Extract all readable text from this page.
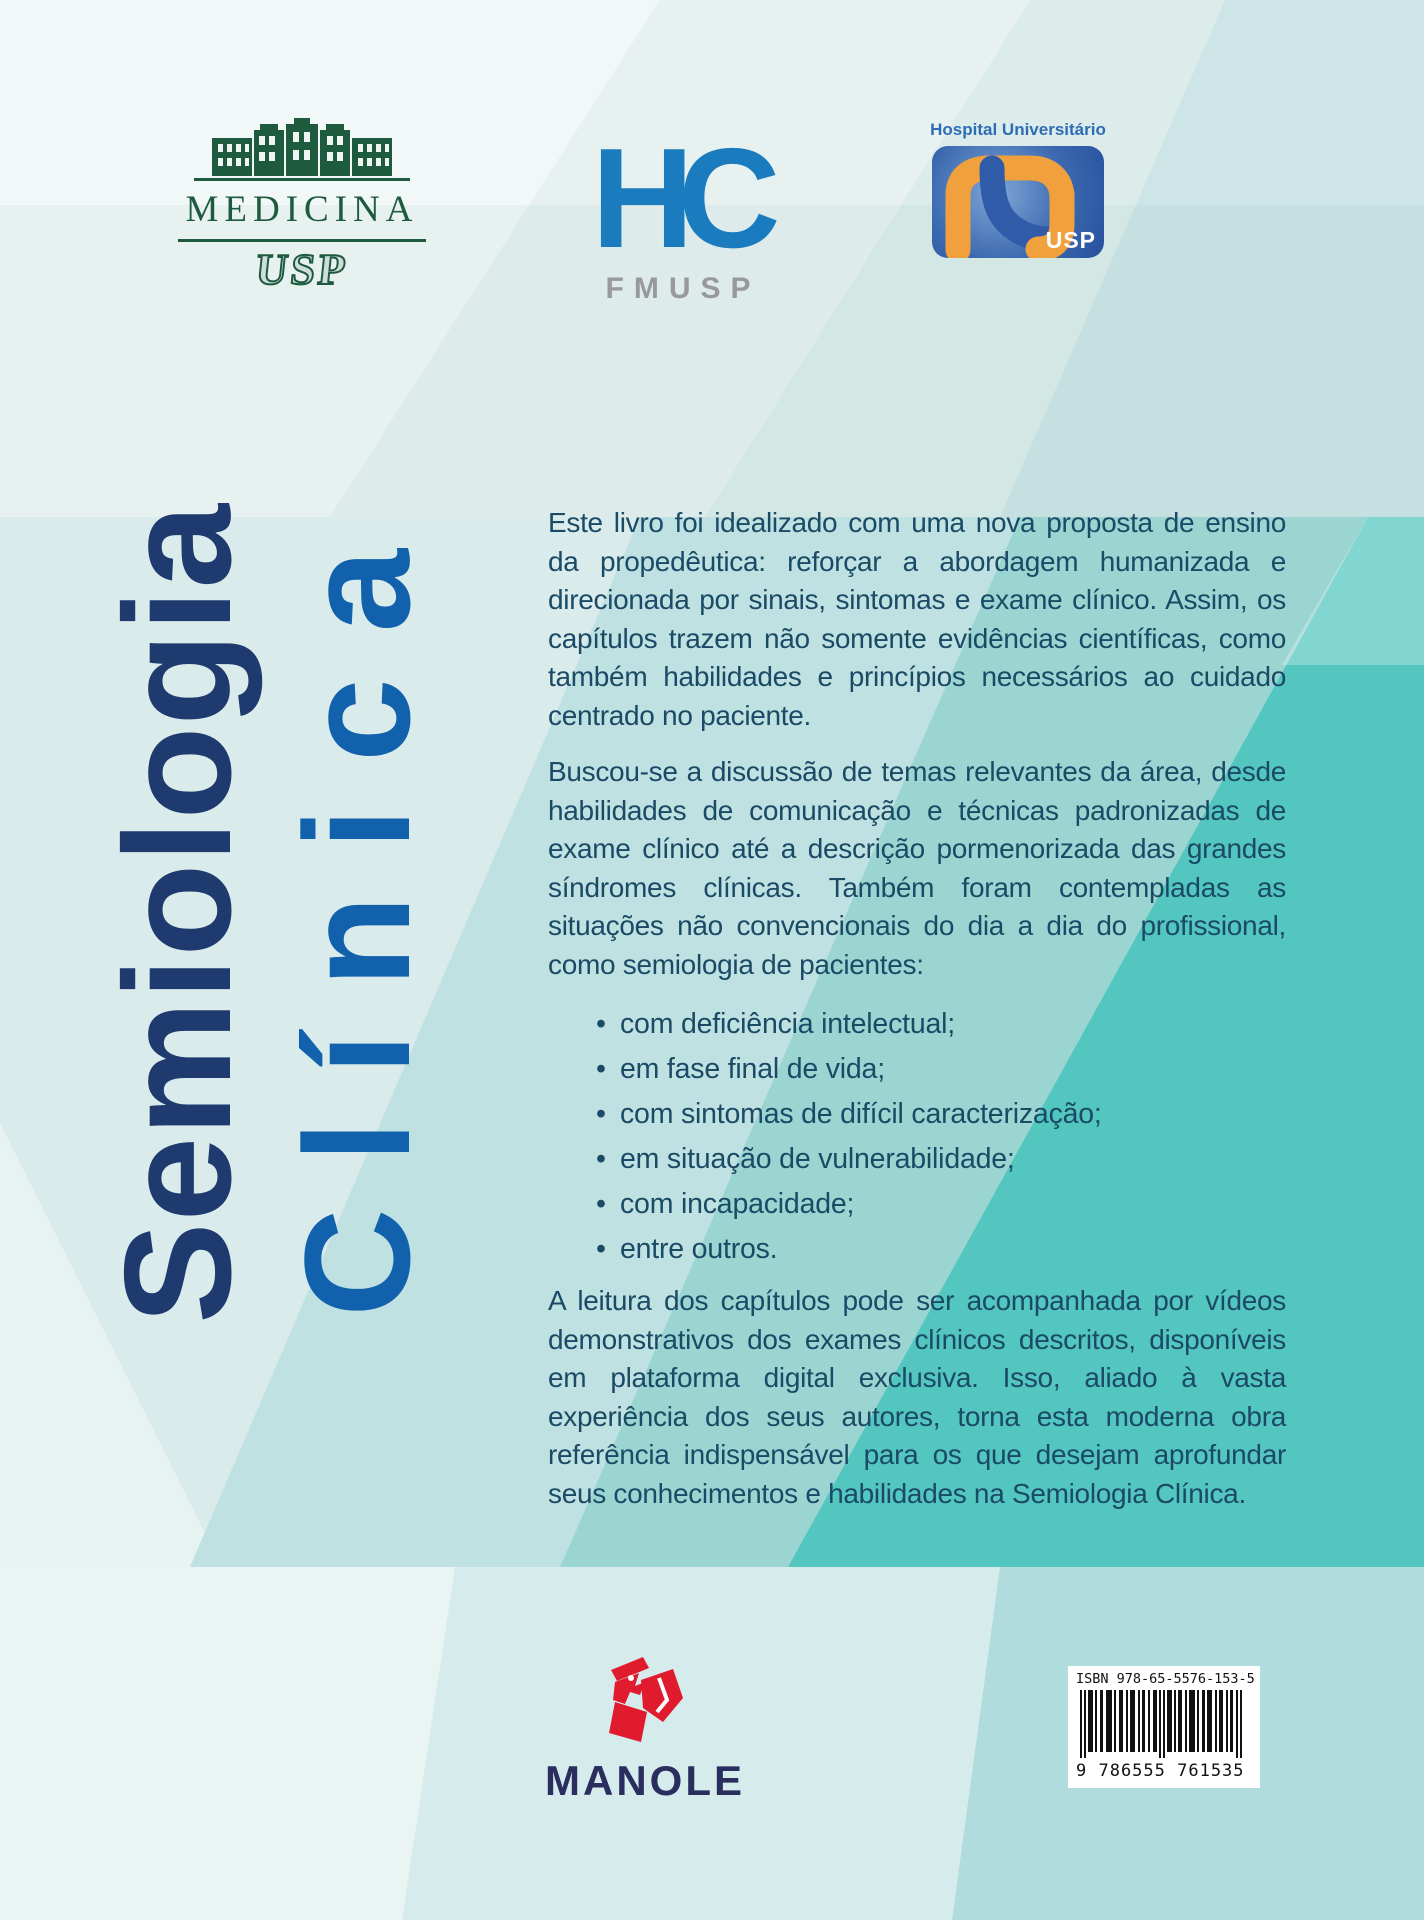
MEDICINA
USP	HC
FMUSP
Hospital Universitário
USP
Semiologia Clínica	Este livro foi idealizado com uma nova proposta de ensino da propedêutica: reforçar a abordagem humanizada e direcionada por sinais, sintomas e exame clínico. Assim, os capítulos trazem não somente evidências científicas, como também habilidades e princípios necessários ao cuidado centrado no paciente.

Buscou-se a discussão de temas relevantes da área, desde habilidades de comunicação e técnicas padronizadas de exame clínico até a descrição pormenorizada das grandes síndromes clínicas. Também foram contempladas as situações não convencionais do dia a dia do profissional, como semiologia de pacientes:

• com deficiência intelectual;
• em fase final de vida;
• com sintomas de difícil caracterização;
• em situação de vulnerabilidade;
• com incapacidade;
• entre outros.

A leitura dos capítulos pode ser acompanhada por vídeos demonstrativos dos exames clínicos descritos, disponíveis em plataforma digital exclusiva. Isso, aliado à vasta experiência dos seus autores, torna esta moderna obra referência indispensável para os que desejam aprofundar seus conhecimentos e habilidades na Semiologia Clínica.

MANOLE
ISBN 978-65-5576-153-5
9 786555 761535
